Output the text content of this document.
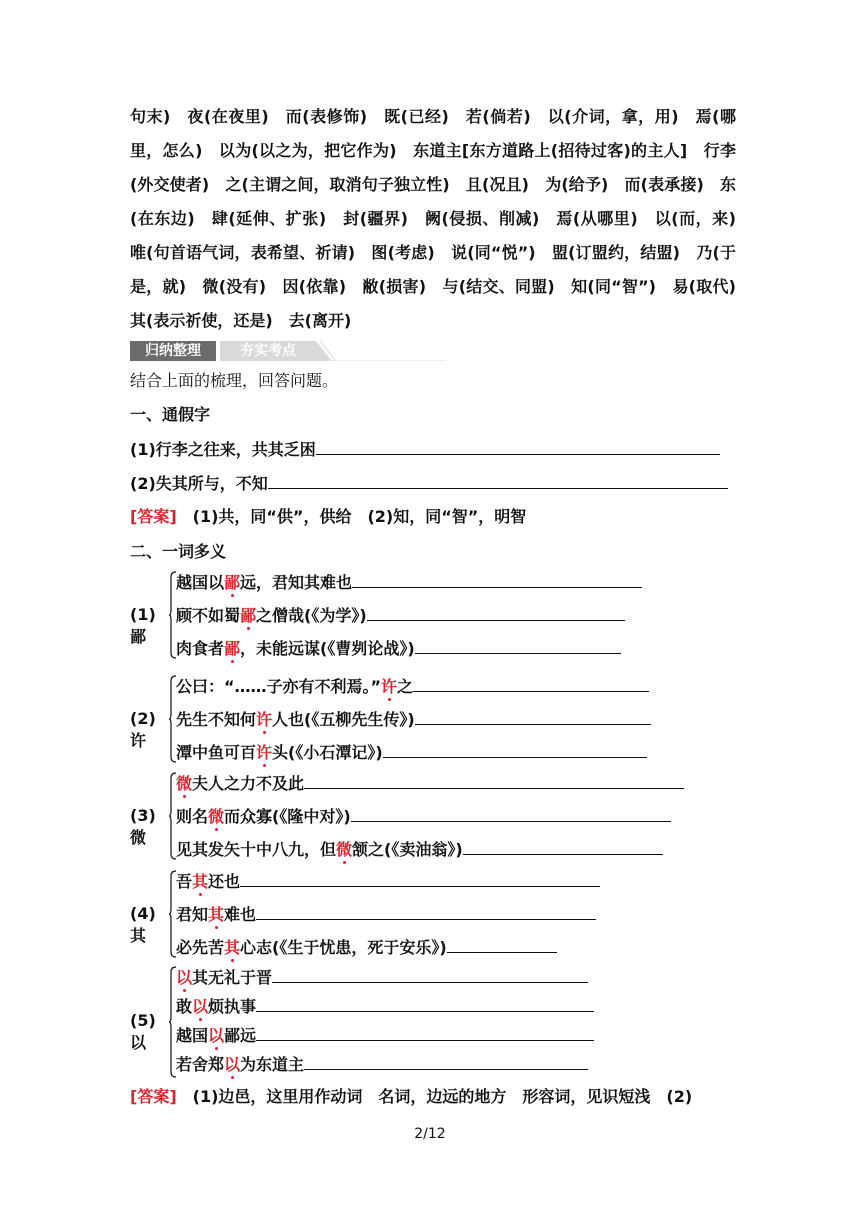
句末)　夜(在夜里)　而(表修饰)　既(已经)　若(倘若)　以(介词，拿，用)　焉(哪里，怎么)　以为(以之为，把它作为)　东道主[东方道路上(招待过客)的主人]　行李(外交使者)　之(主谓之间，取消句子独立性)　且(况且)　为(给予)　而(表承接)　东(在东边)　肆(延伸、扩张)　封(疆界)　阙(侵损、削减)　焉(从哪里)　以(而，来)　唯(句首语气词，表希望、祈请)　图(考虑)　说(同“悦”)　盟(订盟约，结盟)　乃(于是，就)　微(没有)　因(依靠)　敝(损害)　与(结交、同盟)　知(同“智”)　易(取代)　其(表示祈使，还是)　去(离开)
归纳整理	夯实考点
结合上面的梳理，回答问题。
一、通假字
(1)行李之往来，共其乏困
(2)失其所与，不知
[答案]　 (1)共，同“供”，供给　(2)知，同“智”，明智
二、一词多义
(1)鄙
越国以鄙远，君知其难也
顾不如蜀鄙之僧哉(《为学》)
肉食者鄙，未能远谋(《曹刿论战》)
(2)许
公曰：“……子亦有不利焉。”许之
先生不知何许人也(《五柳先生传》)
潭中鱼可百许头(《小石潭记》)
(3)微
微夫人之力不及此
则名微而众寡(《隆中对》)
见其发矢十中八九，但微颔之(《卖油翁》)
(4)其
吾其还也
君知其难也
必先苦其心志(《生于忧患，死于安乐》)
(5)以
以其无礼于晋
敢以烦执事
越国以鄙远
若舍郑以为东道主
[答案]　 (1)边邑，这里用作动词　名词，边远的地方　形容词，见识短浅　(2)
2/12
